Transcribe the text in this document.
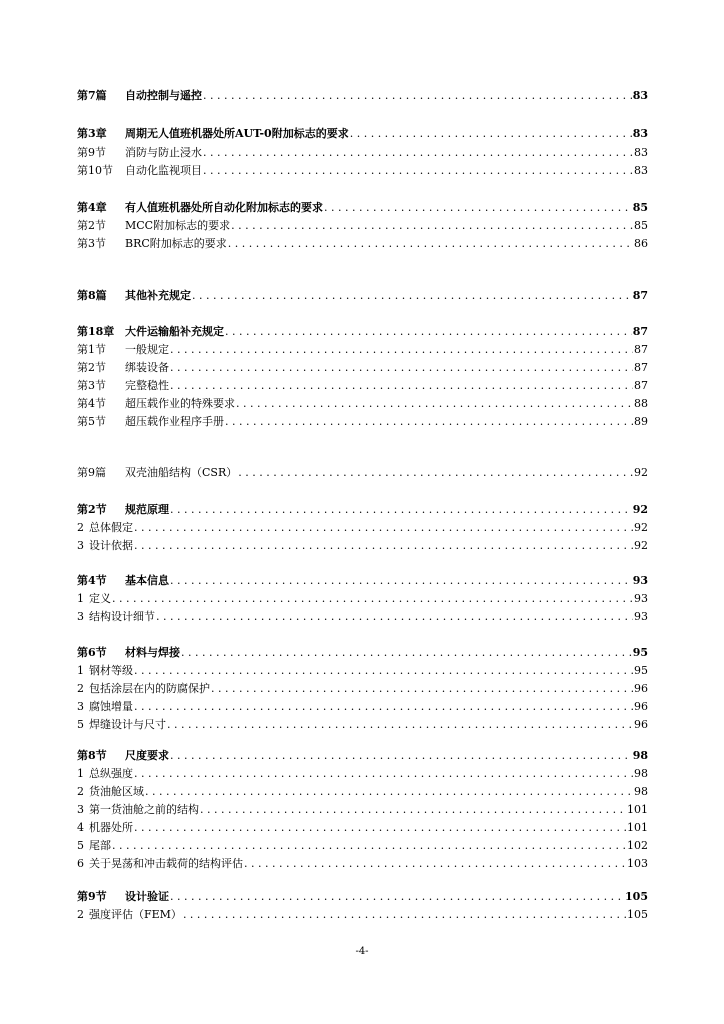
第7篇	自动控制与遥控 . . .	83
第3章	周期无人值班机器处所AUT-0附加标志的要求 . . .	83
第9节	消防与防止浸水 . . .	83
第10节	自动化监视项目 . . .	83
第4章	有人值班机器处所自动化附加标志的要求 . . .	85
第2节	MCC附加标志的要求 . . .	85
第3节	BRC附加标志的要求 . . .	86
第8篇	其他补充规定 . . .	87
第18章 大件运输船补充规定 . . .	87
第1节	一般规定 . . .	87
第2节	绑装设备 . . .	87
第3节	完整稳性 . . .	87
第4节	超压载作业的特殊要求 . . .	88
第5节	超压载作业程序手册 . . .	89
第9篇	双壳油船结构（CSR） . . .	92
第2节	规范原理 . . .	92
2 总体假定 . . .	92
3 设计依据 . . .	92
第4节	基本信息 . . .	93
1 定义 . . .	93
3 结构设计细节 . . .	93
第6节	材料与焊接 . . .	95
1 钢材等级 . . .	95
2 包括涂层在内的防腐保护 . . .	96
3 腐蚀增量 . . .	96
5 焊缝设计与尺寸 . . .	96
第8节	尺度要求 . . .	98
1 总纵强度 . . .	98
2 货油舱区域 . . .	98
3 第一货油舱之前的结构 . . .	101
4 机器处所 . . .	101
5 尾部 . . .	102
6 关于晃荡和冲击载荷的结构评估 . . .	103
第9节	设计验证 . . .	105
2 强度评估（FEM） . . .	105
-4-
